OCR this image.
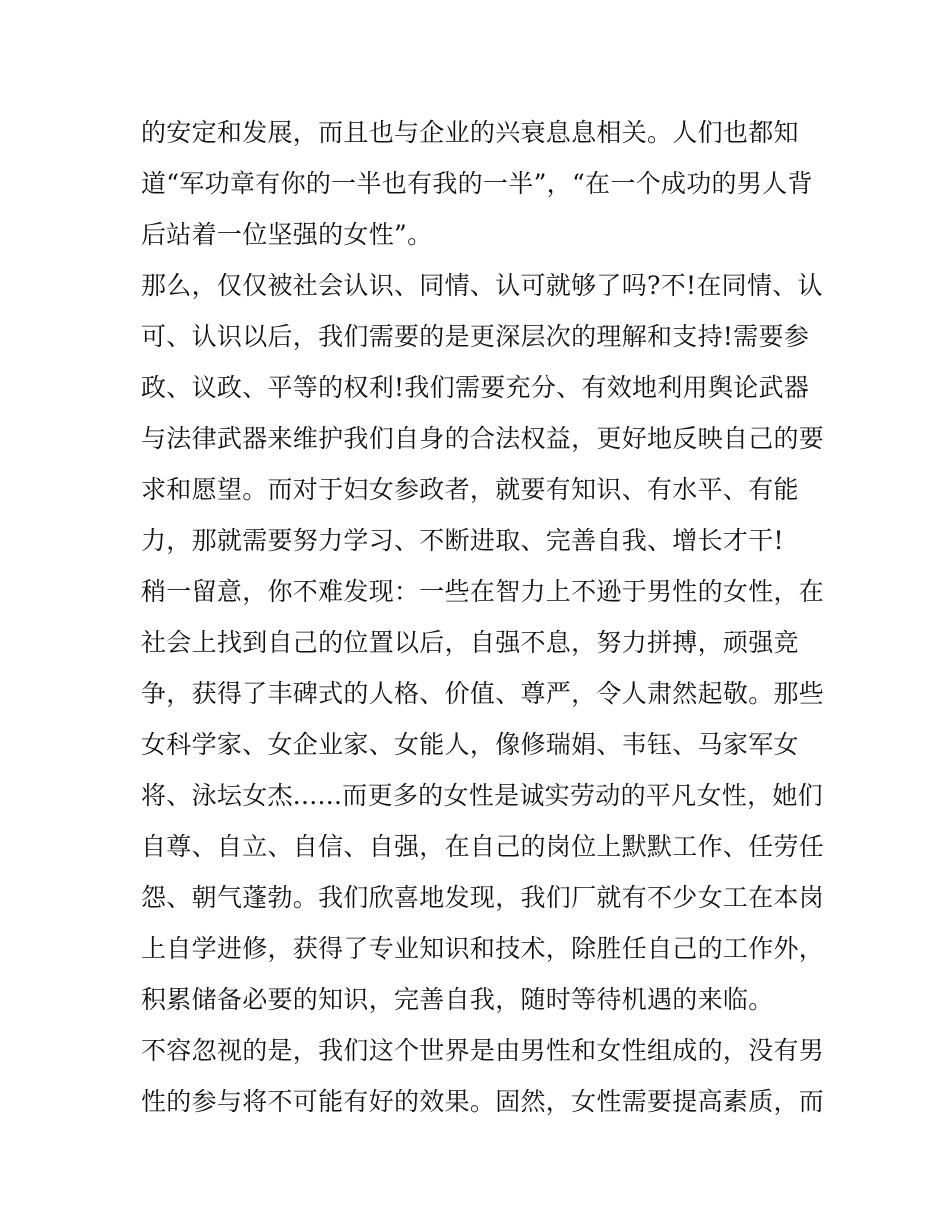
的安定和发展，而且也与企业的兴衰息息相关。人们也都知
道“军功章有你的一半也有我的一半”，“在一个成功的男人背
后站着一位坚强的女性”。
那么，仅仅被社会认识、同情、认可就够了吗?不!在同情、认
可、认识以后，我们需要的是更深层次的理解和支持!需要参
政、议政、平等的权利!我们需要充分、有效地利用舆论武器
与法律武器来维护我们自身的合法权益，更好地反映自己的要
求和愿望。而对于妇女参政者，就要有知识、有水平、有能
力，那就需要努力学习、不断进取、完善自我、增长才干!
稍一留意，你不难发现：一些在智力上不逊于男性的女性，在
社会上找到自己的位置以后，自强不息，努力拼搏，顽强竞
争，获得了丰碑式的人格、价值、尊严，令人肃然起敬。那些
女科学家、女企业家、女能人，像修瑞娟、韦钰、马家军女
将、泳坛女杰......而更多的女性是诚实劳动的平凡女性，她们
自尊、自立、自信、自强，在自己的岗位上默默工作、任劳任
怨、朝气蓬勃。我们欣喜地发现，我们厂就有不少女工在本岗
上自学进修，获得了专业知识和技术，除胜任自己的工作外，
积累储备必要的知识，完善自我，随时等待机遇的来临。
不容忽视的是，我们这个世界是由男性和女性组成的，没有男
性的参与将不可能有好的效果。固然，女性需要提高素质，而
